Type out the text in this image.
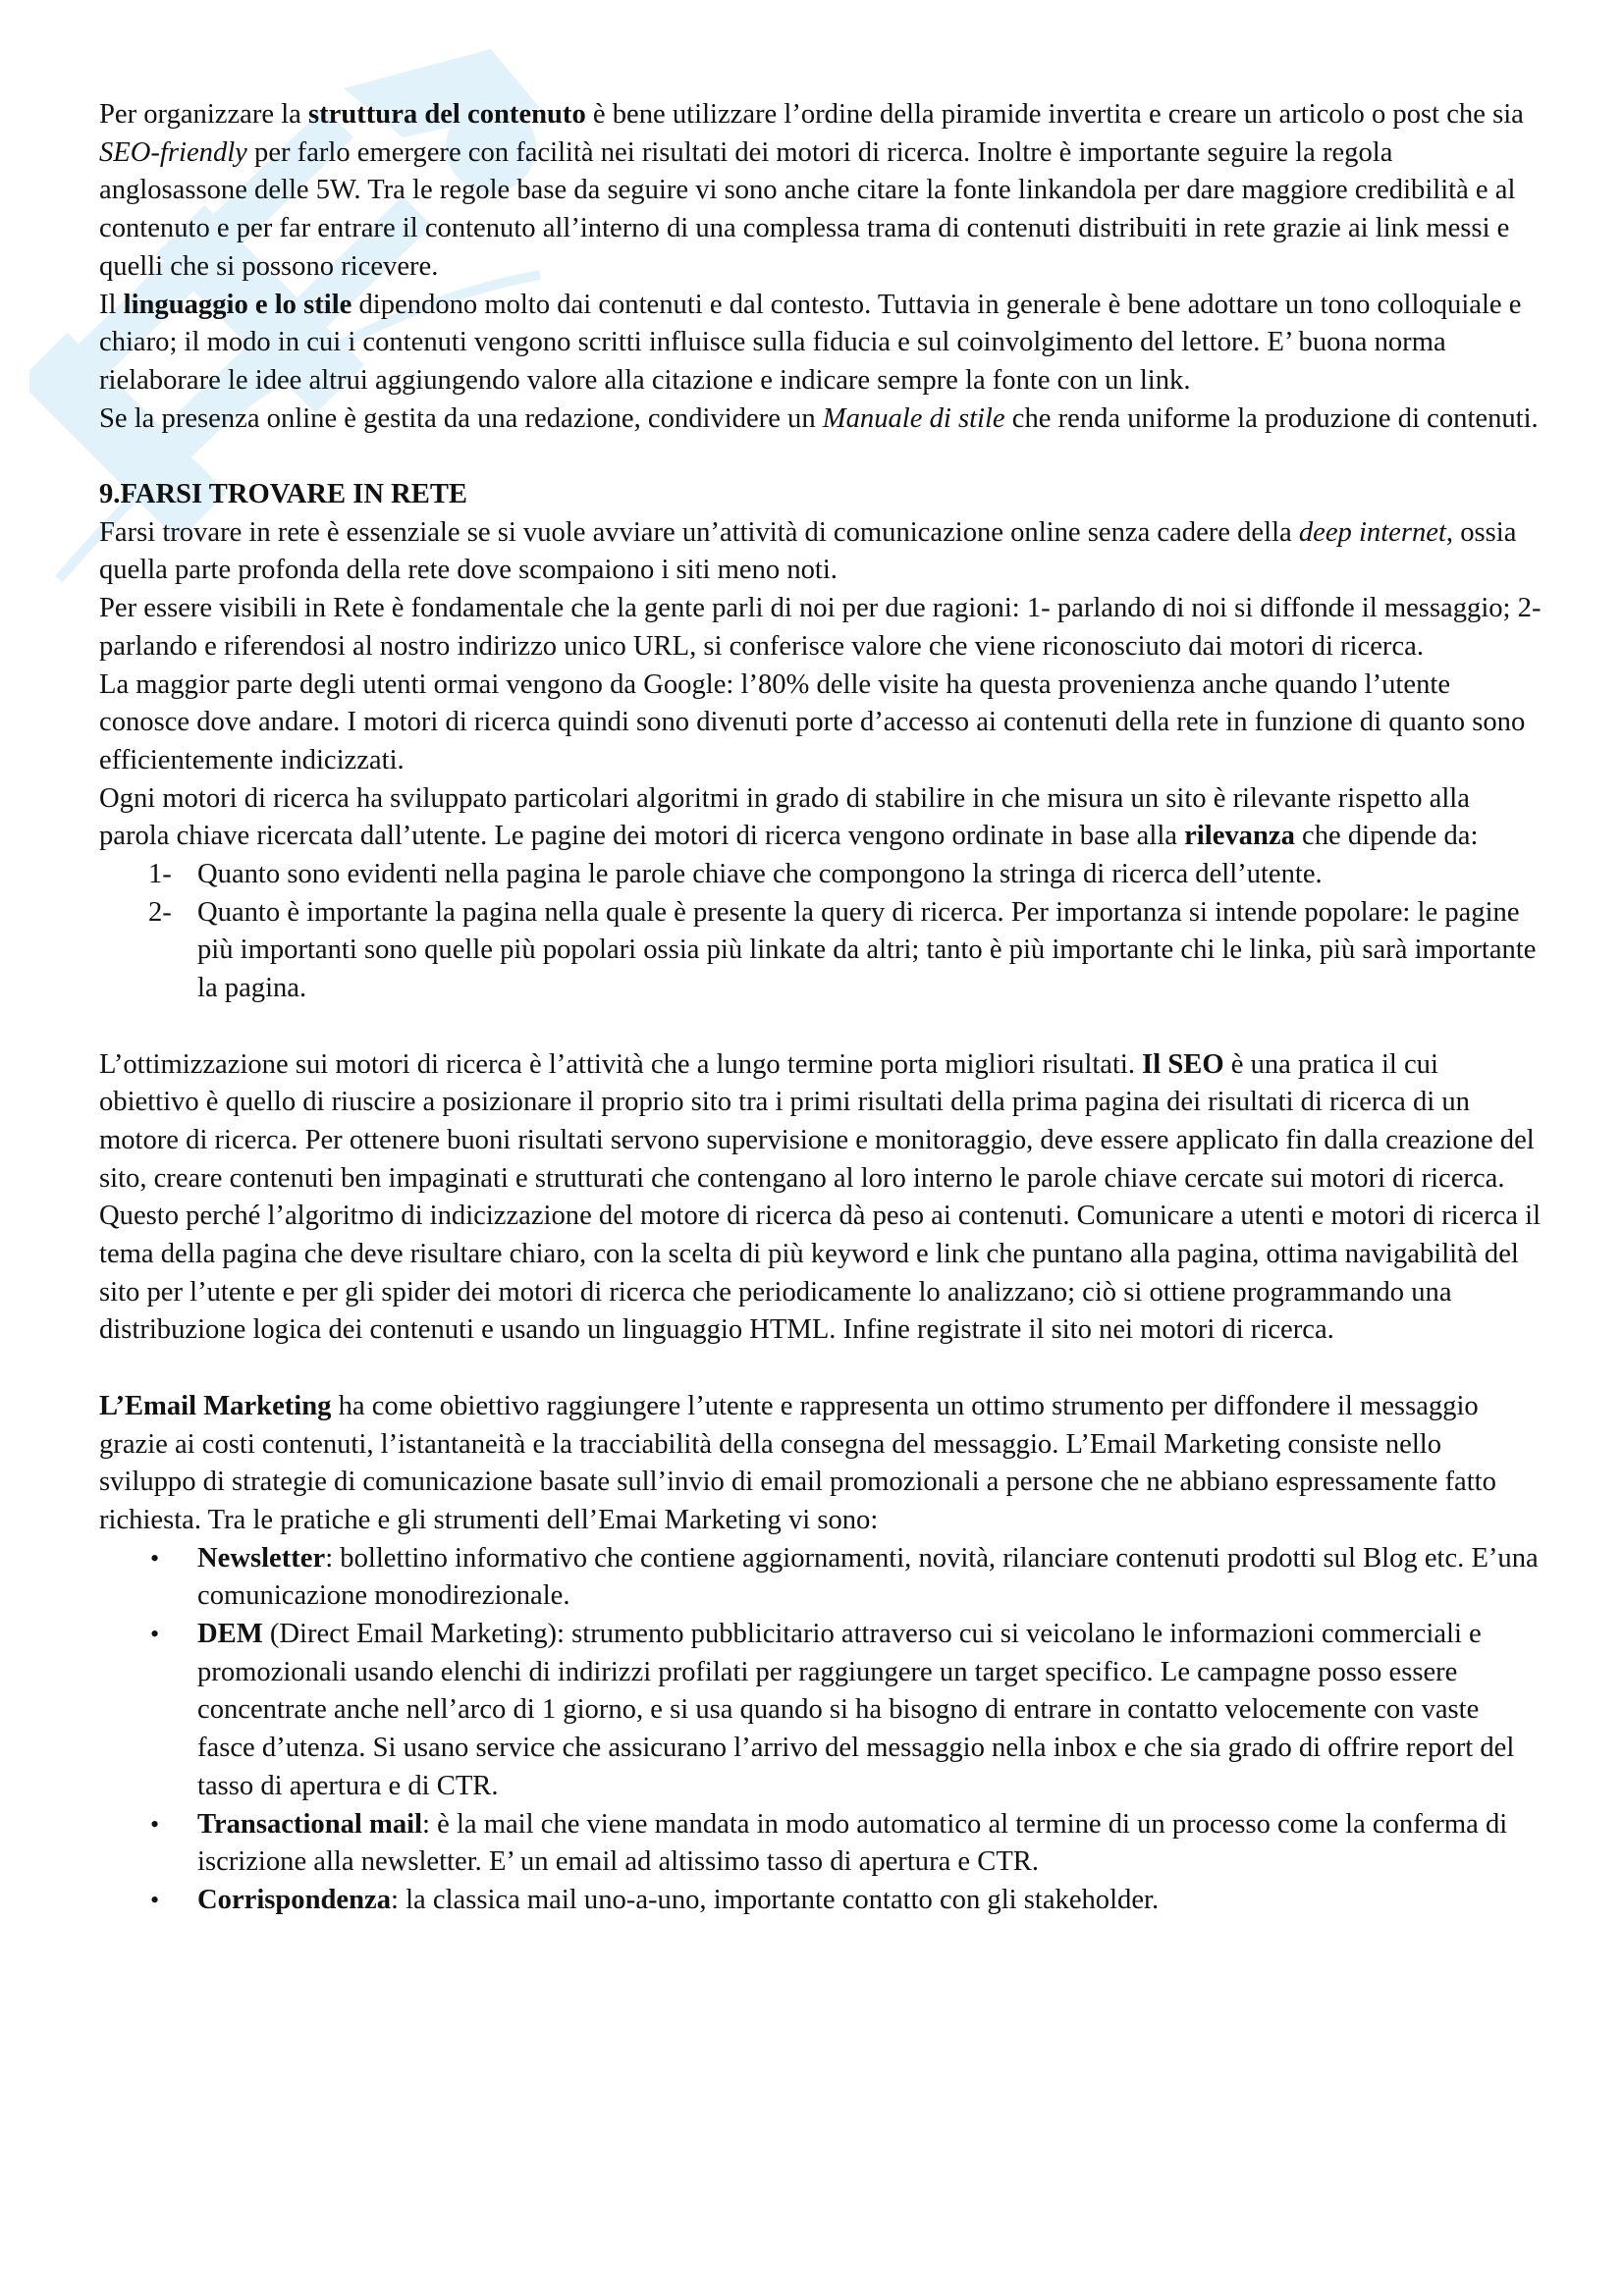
Per organizzare la struttura del contenuto è bene utilizzare l’ordine della piramide invertita e creare un articolo o post che sia SEO-friendly per farlo emergere con facilità nei risultati dei motori di ricerca. Inoltre è importante seguire la regola anglosassone delle 5W. Tra le regole base da seguire vi sono anche citare la fonte linkandola per dare maggiore credibilità e al contenuto e per far entrare il contenuto all’interno di una complessa trama di contenuti distribuiti in rete grazie ai link messi e quelli che si possono ricevere.

Il linguaggio e lo stile dipendono molto dai contenuti e dal contesto. Tuttavia in generale è bene adottare un tono colloquiale e chiaro; il modo in cui i contenuti vengono scritti influisce sulla fiducia e sul coinvolgimento del lettore. E’ buona norma rielaborare le idee altrui aggiungendo valore alla citazione e indicare sempre la fonte con un link.

Se la presenza online è gestita da una redazione, condividere un Manuale di stile che renda uniforme la produzione di contenuti.

9.FARSI TROVARE IN RETE

Farsi trovare in rete è essenziale se si vuole avviare un’attività di comunicazione online senza cadere della deep internet, ossia quella parte profonda della rete dove scompaiono i siti meno noti.

Per essere visibili in Rete è fondamentale che la gente parli di noi per due ragioni: 1- parlando di noi si diffonde il messaggio; 2- parlando e riferendosi al nostro indirizzo unico URL, si conferisce valore che viene riconosciuto dai motori di ricerca.

La maggior parte degli utenti ormai vengono da Google: l’80% delle visite ha questa provenienza anche quando l’utente conosce dove andare. I motori di ricerca quindi sono divenuti porte d’accesso ai contenuti della rete in funzione di quanto sono efficientemente indicizzati.

Ogni motori di ricerca ha sviluppato particolari algoritmi in grado di stabilire in che misura un sito è rilevante rispetto alla parola chiave ricercata dall’utente. Le pagine dei motori di ricerca vengono ordinate in base alla rilevanza che dipende da:

1- Quanto sono evidenti nella pagina le parole chiave che compongono la stringa di ricerca dell’utente.
2- Quanto è importante la pagina nella quale è presente la query di ricerca. Per importanza si intende popolare: le pagine più importanti sono quelle più popolari ossia più linkate da altri; tanto è più importante chi le linka, più sarà importante la pagina.

L’ottimizzazione sui motori di ricerca è l’attività che a lungo termine porta migliori risultati. Il SEO è una pratica il cui obiettivo è quello di riuscire a posizionare il proprio sito tra i primi risultati della prima pagina dei risultati di ricerca di un motore di ricerca. Per ottenere buoni risultati servono supervisione e monitoraggio, deve essere applicato fin dalla creazione del sito, creare contenuti ben impaginati e strutturati che contengano al loro interno le parole chiave cercate sui motori di ricerca. Questo perché l’algoritmo di indicizzazione del motore di ricerca dà peso ai contenuti. Comunicare a utenti e motori di ricerca il tema della pagina che deve risultare chiaro, con la scelta di più keyword e link che puntano alla pagina, ottima navigabilità del sito per l’utente e per gli spider dei motori di ricerca che periodicamente lo analizzano; ciò si ottiene programmando una distribuzione logica dei contenuti e usando un linguaggio HTML. Infine registrate il sito nei motori di ricerca.

L’Email Marketing ha come obiettivo raggiungere l’utente e rappresenta un ottimo strumento per diffondere il messaggio grazie ai costi contenuti, l’istantaneità e la tracciabilità della consegna del messaggio. L’Email Marketing consiste nello sviluppo di strategie di comunicazione basate sull’invio di email promozionali a persone che ne abbiano espressamente fatto richiesta. Tra le pratiche e gli strumenti dell’Emai Marketing vi sono:

• Newsletter: bollettino informativo che contiene aggiornamenti, novità, rilanciare contenuti prodotti sul Blog etc. E’una comunicazione monodirezionale.
• DEM (Direct Email Marketing): strumento pubblicitario attraverso cui si veicolano le informazioni commerciali e promozionali usando elenchi di indirizzi profilati per raggiungere un target specifico. Le campagne posso essere concentrate anche nell’arco di 1 giorno, e si usa quando si ha bisogno di entrare in contatto velocemente con vaste fasce d’utenza. Si usano service che assicurano l’arrivo del messaggio nella inbox e che sia grado di offrire report del tasso di apertura e di CTR.
• Transactional mail: è la mail che viene mandata in modo automatico al termine di un processo come la conferma di iscrizione alla newsletter. E’ un email ad altissimo tasso di apertura e CTR.
• Corrispondenza: la classica mail uno-a-uno, importante contatto con gli stakeholder.
